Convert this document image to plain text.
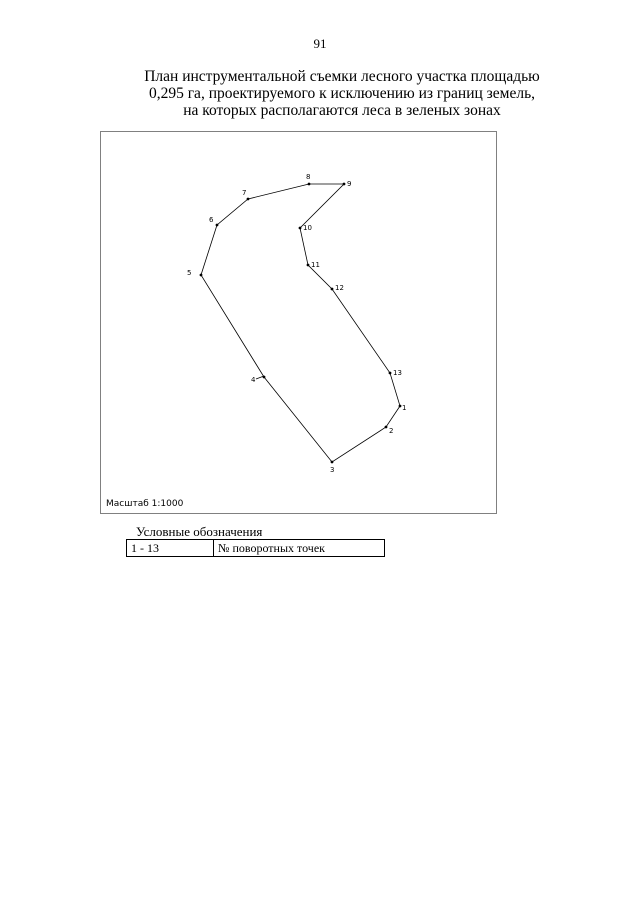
91
План инструментальной съемки лесного участка площадью
0,295 га, проектируемого к исключению из границ земель,
на которых располагаются леса в зеленых зонах
1
2
3
4
5
6
7
8
9
10
11
12
13
Масштаб 1:1000
Условные обозначения
1 - 13	№ поворотных точек
